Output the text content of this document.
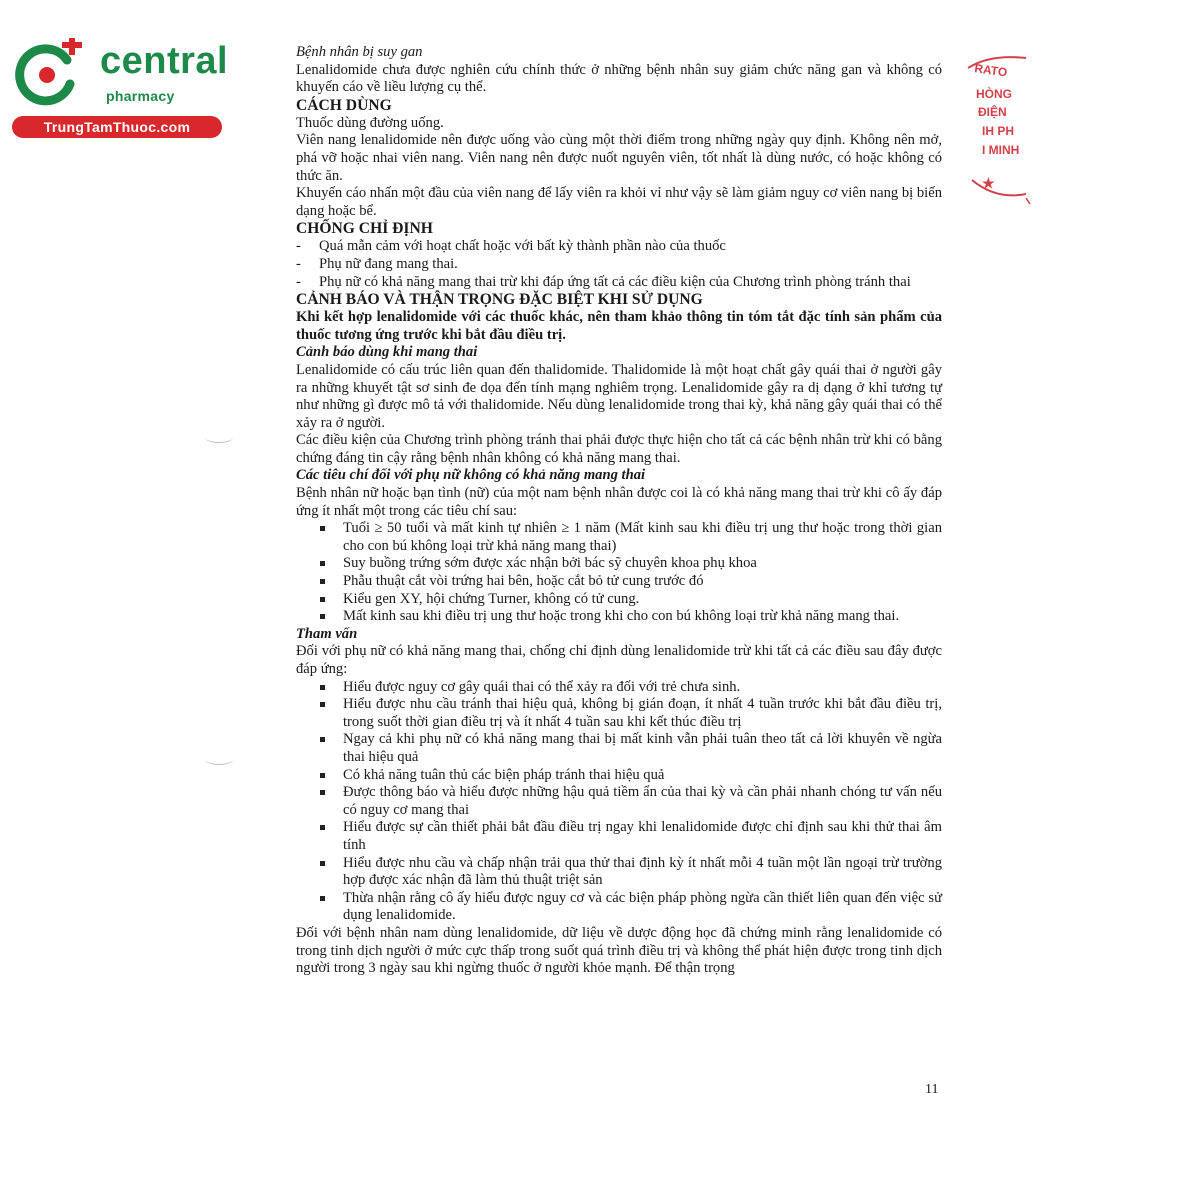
central
pharmacy
TrungTamThuoc.com
RATO
HÒNG
ĐIỆN
IH PH
I MINH
★

Bệnh nhân bị suy gan

Lenalidomide chưa được nghiên cứu chính thức ở những bệnh nhân suy giảm chức năng gan và không có khuyến cáo về liều lượng cụ thể.

CÁCH DÙNG

Thuốc dùng đường uống.

Viên nang lenalidomide nên được uống vào cùng một thời điểm trong những ngày quy định. Không nên mở, phá vỡ hoặc nhai viên nang. Viên nang nên được nuốt nguyên viên, tốt nhất là dùng nước, có hoặc không có thức ăn.

Khuyến cáo nhấn một đầu của viên nang để lấy viên ra khỏi vỉ như vậy sẽ làm giảm nguy cơ viên nang bị biến dạng hoặc bể.

CHỐNG CHỈ ĐỊNH

- Quá mẫn cảm với hoạt chất hoặc với bất kỳ thành phần nào của thuốc
- Phụ nữ đang mang thai.
- Phụ nữ có khả năng mang thai trừ khi đáp ứng tất cả các điều kiện của Chương trình phòng tránh thai

CẢNH BÁO VÀ THẬN TRỌNG ĐẶC BIỆT KHI SỬ DỤNG

Khi kết hợp lenalidomide với các thuốc khác, nên tham khảo thông tin tóm tắt đặc tính sản phẩm của thuốc tương ứng trước khi bắt đầu điều trị.

Cảnh báo dùng khi mang thai

Lenalidomide có cấu trúc liên quan đến thalidomide. Thalidomide là một hoạt chất gây quái thai ở người gây ra những khuyết tật sơ sinh đe dọa đến tính mạng nghiêm trọng. Lenalidomide gây ra dị dạng ở khỉ tương tự như những gì được mô tả với thalidomide. Nếu dùng lenalidomide trong thai kỳ, khả năng gây quái thai có thể xảy ra ở người.

Các điều kiện của Chương trình phòng tránh thai phải được thực hiện cho tất cả các bệnh nhân trừ khi có bằng chứng đáng tin cậy rằng bệnh nhân không có khả năng mang thai.

Các tiêu chí đối với phụ nữ không có khả năng mang thai

Bệnh nhân nữ hoặc bạn tình (nữ) của một nam bệnh nhân được coi là có khả năng mang thai trừ khi cô ấy đáp ứng ít nhất một trong các tiêu chí sau:

Tuổi ≥ 50 tuổi và mất kinh tự nhiên ≥ 1 năm (Mất kinh sau khi điều trị ung thư hoặc trong thời gian cho con bú không loại trừ khả năng mang thai)
Suy buồng trứng sớm được xác nhận bởi bác sỹ chuyên khoa phụ khoa
Phẫu thuật cắt vòi trứng hai bên, hoặc cắt bỏ tử cung trước đó
Kiểu gen XY, hội chứng Turner, không có tử cung.
Mất kinh sau khi điều trị ung thư hoặc trong khi cho con bú không loại trừ khả năng mang thai.

Tham vấn

Đối với phụ nữ có khả năng mang thai, chống chỉ định dùng lenalidomide trừ khi tất cả các điều sau đây được đáp ứng:

Hiểu được nguy cơ gây quái thai có thể xảy ra đối với trẻ chưa sinh.
Hiểu được nhu cầu tránh thai hiệu quả, không bị gián đoạn, ít nhất 4 tuần trước khi bắt đầu điều trị, trong suốt thời gian điều trị và ít nhất 4 tuần sau khi kết thúc điều trị
Ngay cả khi phụ nữ có khả năng mang thai bị mất kinh vẫn phải tuân theo tất cả lời khuyên về ngừa thai hiệu quả
Có khả năng tuân thủ các biện pháp tránh thai hiệu quả
Được thông báo và hiểu được những hậu quả tiềm ẩn của thai kỳ và cần phải nhanh chóng tư vấn nếu có nguy cơ mang thai
Hiểu được sự cần thiết phải bắt đầu điều trị ngay khi lenalidomide được chỉ định sau khi thử thai âm tính
Hiểu được nhu cầu và chấp nhận trải qua thử thai định kỳ ít nhất mỗi 4 tuần một lần ngoại trừ trường hợp được xác nhận đã làm thủ thuật triệt sản
Thừa nhận rằng cô ấy hiểu được nguy cơ và các biện pháp phòng ngừa cần thiết liên quan đến việc sử dụng lenalidomide.

Đối với bệnh nhân nam dùng lenalidomide, dữ liệu về dược động học đã chứng minh rằng lenalidomide có trong tinh dịch người ở mức cực thấp trong suốt quá trình điều trị và không thể phát hiện được trong tinh dịch người trong 3 ngày sau khi ngừng thuốc ở người khỏe mạnh. Để thận trọng

11
